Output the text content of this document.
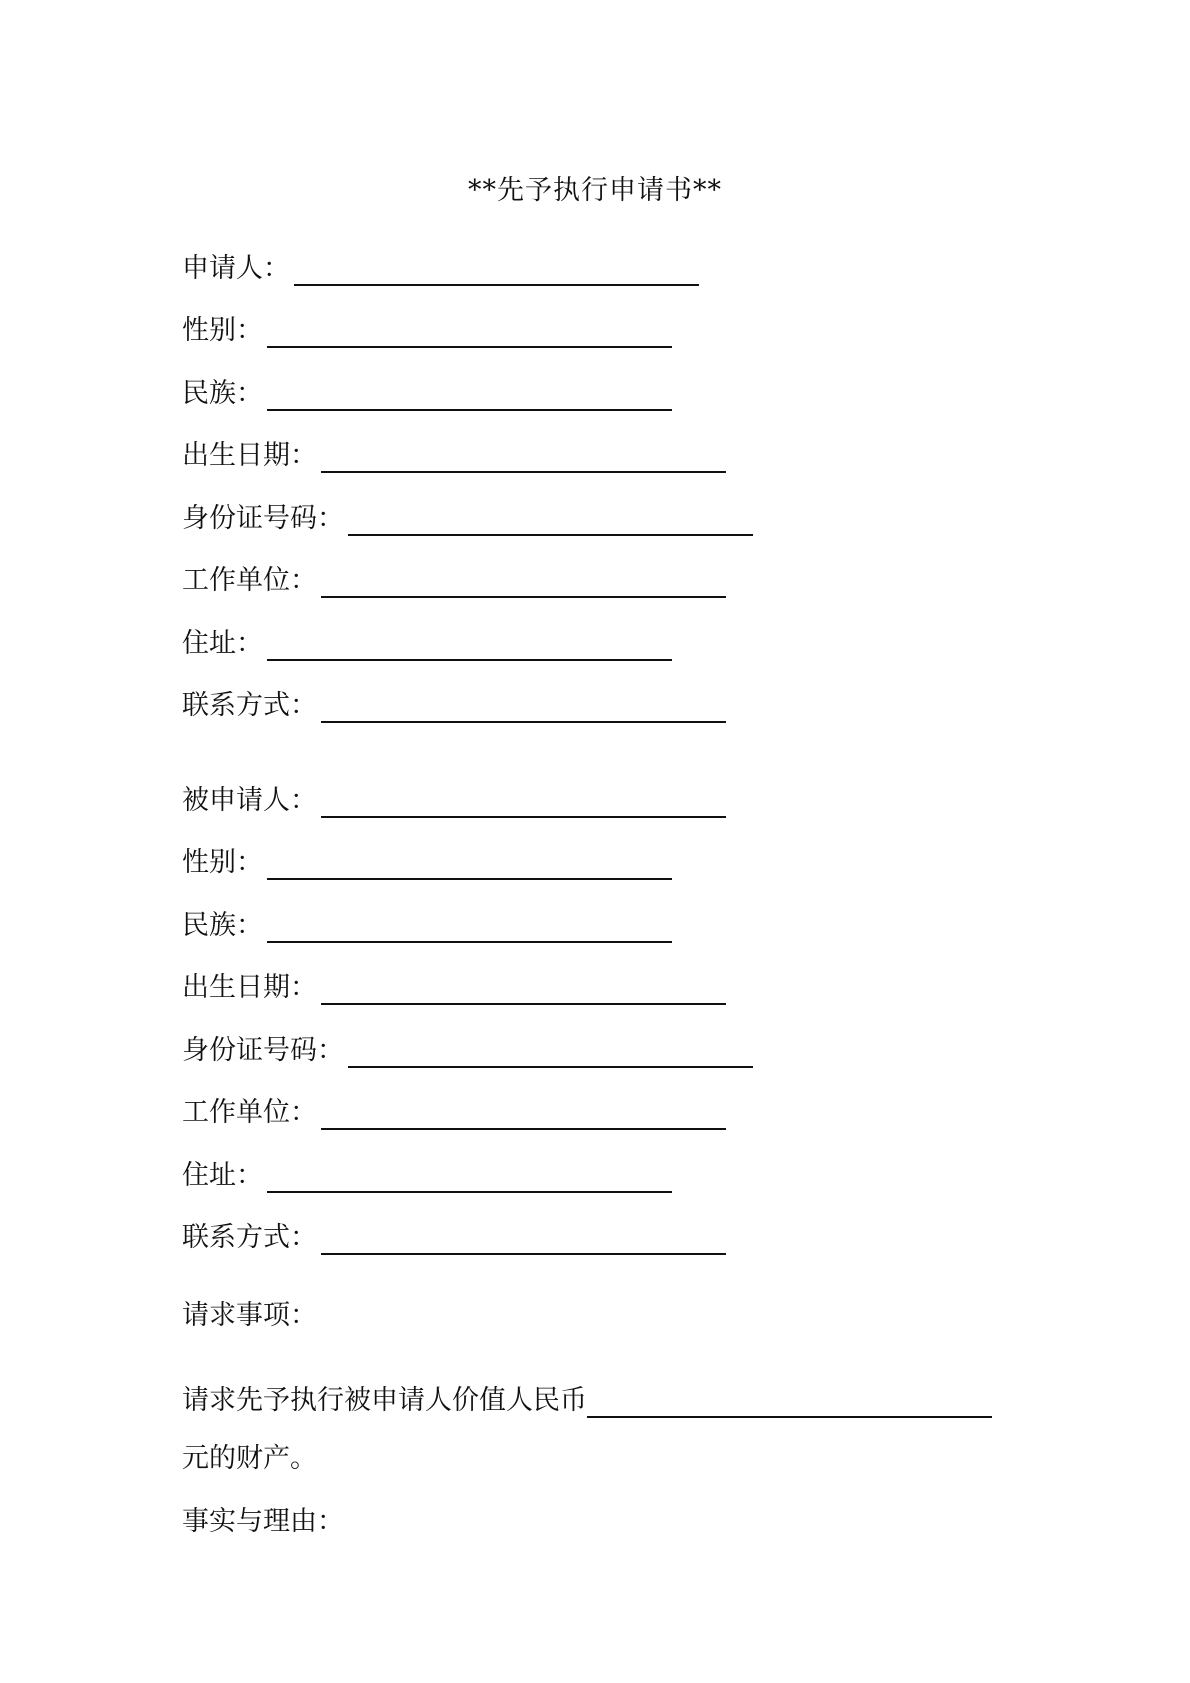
**先予执行申请书**
申请人：
性别：
民族：
出生日期：
身份证号码：
工作单位：
住址：
联系方式：
被申请人：
性别：
民族：
出生日期：
身份证号码：
工作单位：
住址：
联系方式：
请求事项：
请求先予执行被申请人价值人民币
元的财产。
事实与理由：
